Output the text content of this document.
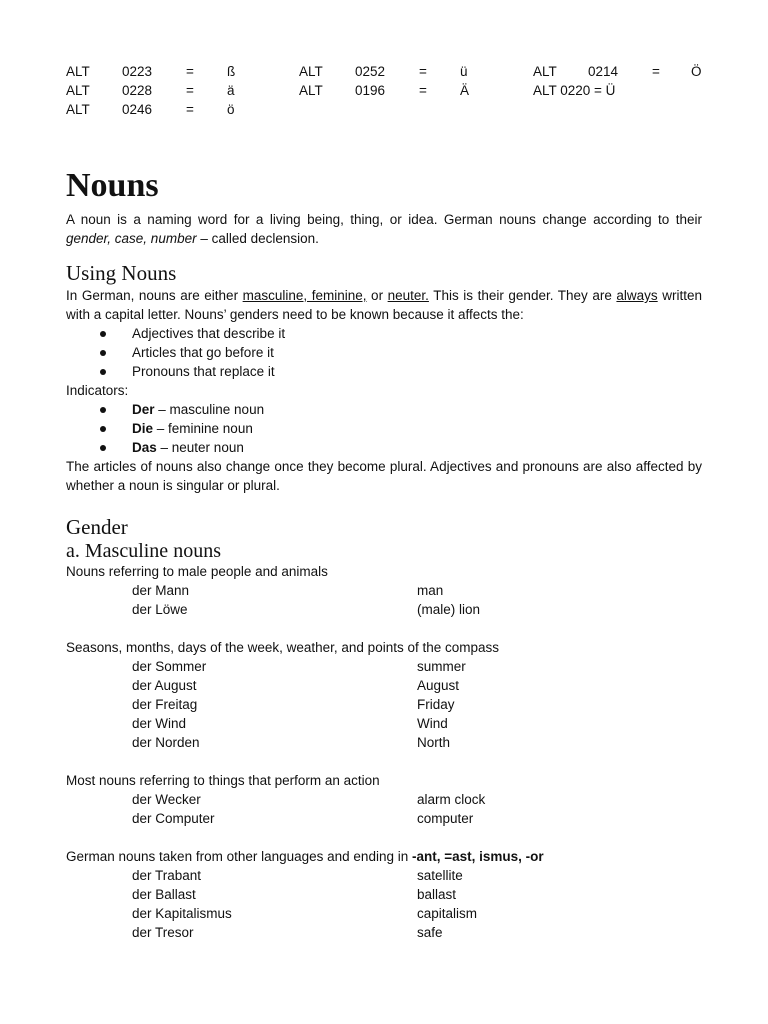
ALT 0223	= ß	ALT 0252	= ü	ALT 0214	= Ö
ALT 0228	= ä	ALT 0196	= Ä	ALT 0220 = Ü
ALT 0246	= ö
Nouns

A noun is a naming word for a living being, thing, or idea. German nouns change according to their gender, case, number – called declension.

Using Nouns

In German, nouns are either masculine, feminine, or neuter. This is their gender. They are always written with a capital letter. Nouns’ genders need to be known because it affects the:

Adjectives that describe it
Articles that go before it
Pronouns that replace it

Indicators:

Der – masculine noun
Die – feminine noun
Das – neuter noun

The articles of nouns also change once they become plural. Adjectives and pronouns are also affected by whether a noun is singular or plural.

Gender
a. Masculine nouns

Nouns referring to male people and animals

der Mann	man
der Löwe	(male) lion

Seasons, months, days of the week, weather, and points of the compass

der Sommer	summer
der August	August
der Freitag	Friday
der Wind	Wind
der Norden	North

Most nouns referring to things that perform an action

der Wecker	alarm clock
der Computer	computer

German nouns taken from other languages and ending in -ant, =ast, ismus, -or

der Trabant	satellite
der Ballast	ballast
der Kapitalismus	capitalism
der Tresor	safe
